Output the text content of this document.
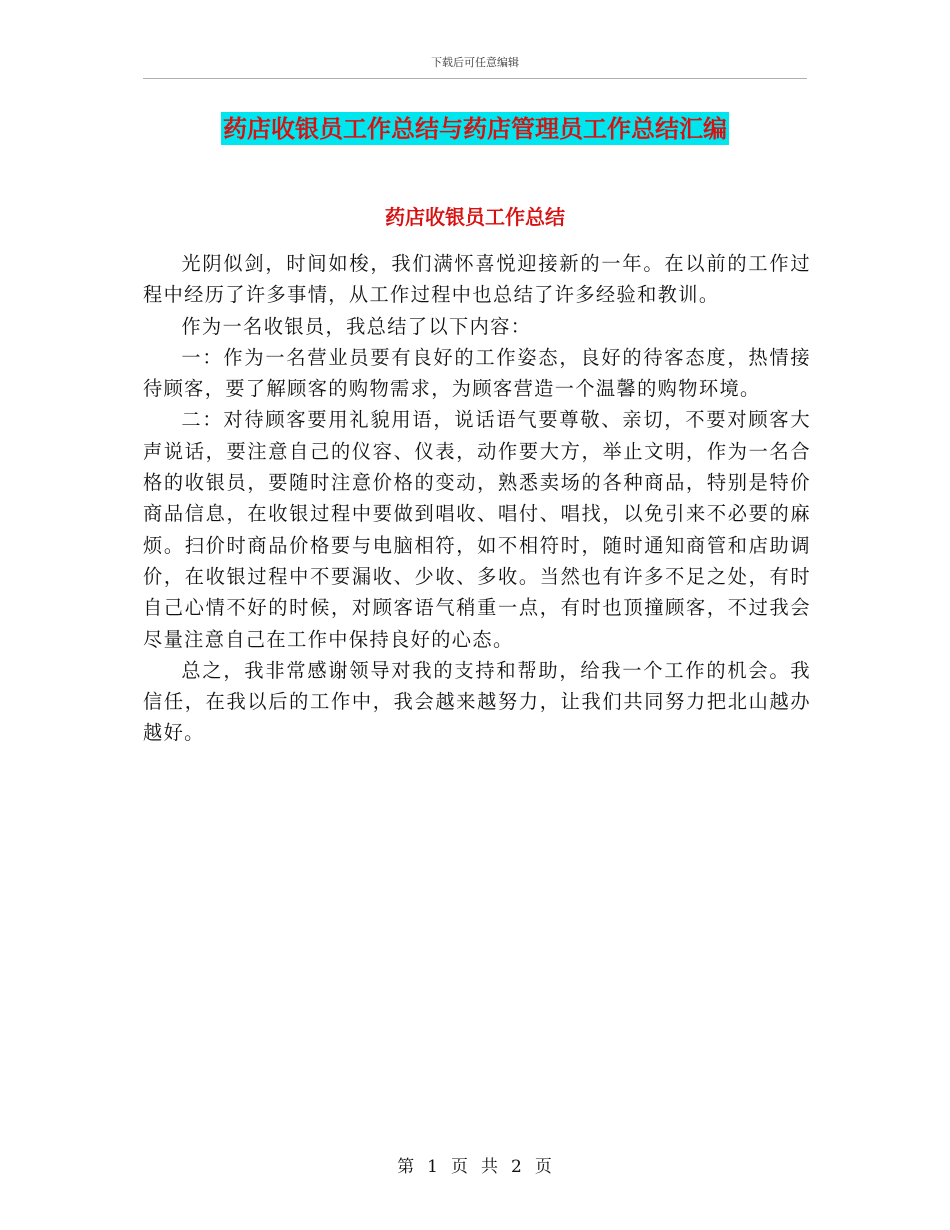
下载后可任意编辑
药店收银员工作总结与药店管理员工作总结汇编
药店收银员工作总结

光阴似剑，时间如梭，我们满怀喜悦迎接新的一年。在以前的工作过程中经历了许多事情，从工作过程中也总结了许多经验和教训。

作为一名收银员，我总结了以下内容：

一：作为一名营业员要有良好的工作姿态，良好的待客态度，热情接待顾客，要了解顾客的购物需求，为顾客营造一个温馨的购物环境。

二：对待顾客要用礼貌用语，说话语气要尊敬、亲切，不要对顾客大声说话，要注意自己的仪容、仪表，动作要大方，举止文明，作为一名合格的收银员，要随时注意价格的变动，熟悉卖场的各种商品，特别是特价商品信息，在收银过程中要做到唱收、唱付、唱找，以免引来不必要的麻烦。扫价时商品价格要与电脑相符，如不相符时，随时通知商管和店助调价，在收银过程中不要漏收、少收、多收。当然也有许多不足之处，有时自己心情不好的时候，对顾客语气稍重一点，有时也顶撞顾客，不过我会尽量注意自己在工作中保持良好的心态。

总之，我非常感谢领导对我的支持和帮助，给我一个工作的机会。我信任，在我以后的工作中，我会越来越努力，让我们共同努力把北山越办越好。

第 1 页 共 2 页
